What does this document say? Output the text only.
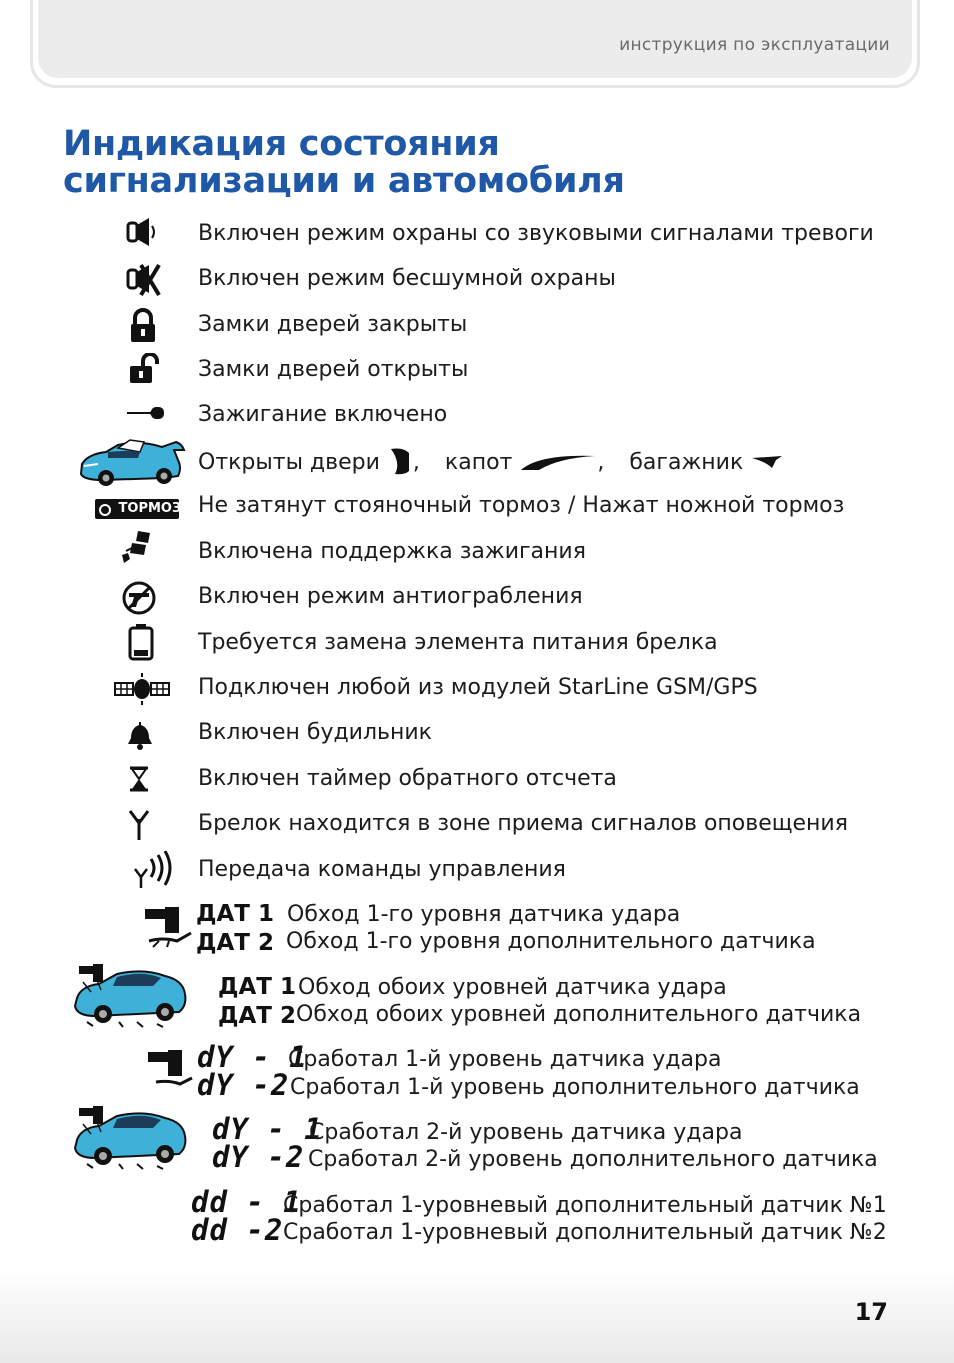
инструкция по эксплуатации
Индикация состояния
сигнализации и автомобиля
Включен режим охраны со звуковыми сигналами тревоги
Включен режим бесшумной охраны
Замки дверей закрыты
Замки дверей открыты
Зажигание включено
Открыты двери , капот	, багажник
ТОРМОЗ Не затянут стояночный тормоз / Нажат ножной тормоз
Включена поддержка зажигания
Включен режим антиограбления
Требуется замена элемента питания брелка
Подключен любой из модулей StarLine GSM/GPS
Включен будильник
Включен таймер обратного отсчета
Брелок находится в зоне приема сигналов оповещения
Передача команды управления
ДАТ 1 Обход 1-го уровня датчика удара
ДАТ 2 Обход 1-го уровня дополнительного датчика
ДАТ 1 Обход обоих уровней датчика удара
ДАТ 2 Обход обоих уровней дополнительного датчика
dY - 1
Сработал 1-й уровень датчика удара
dY -2 Сработал 1-й уровень дополнительного датчика
dY - 1
Сработал 2-й уровень датчика удара
dY -2 Сработал 2-й уровень дополнительного датчика
dd - 1
Сработал 1-уровневый дополнительный датчик №1
dd -2 Сработал 1-уровневый дополнительный датчик №2
17
